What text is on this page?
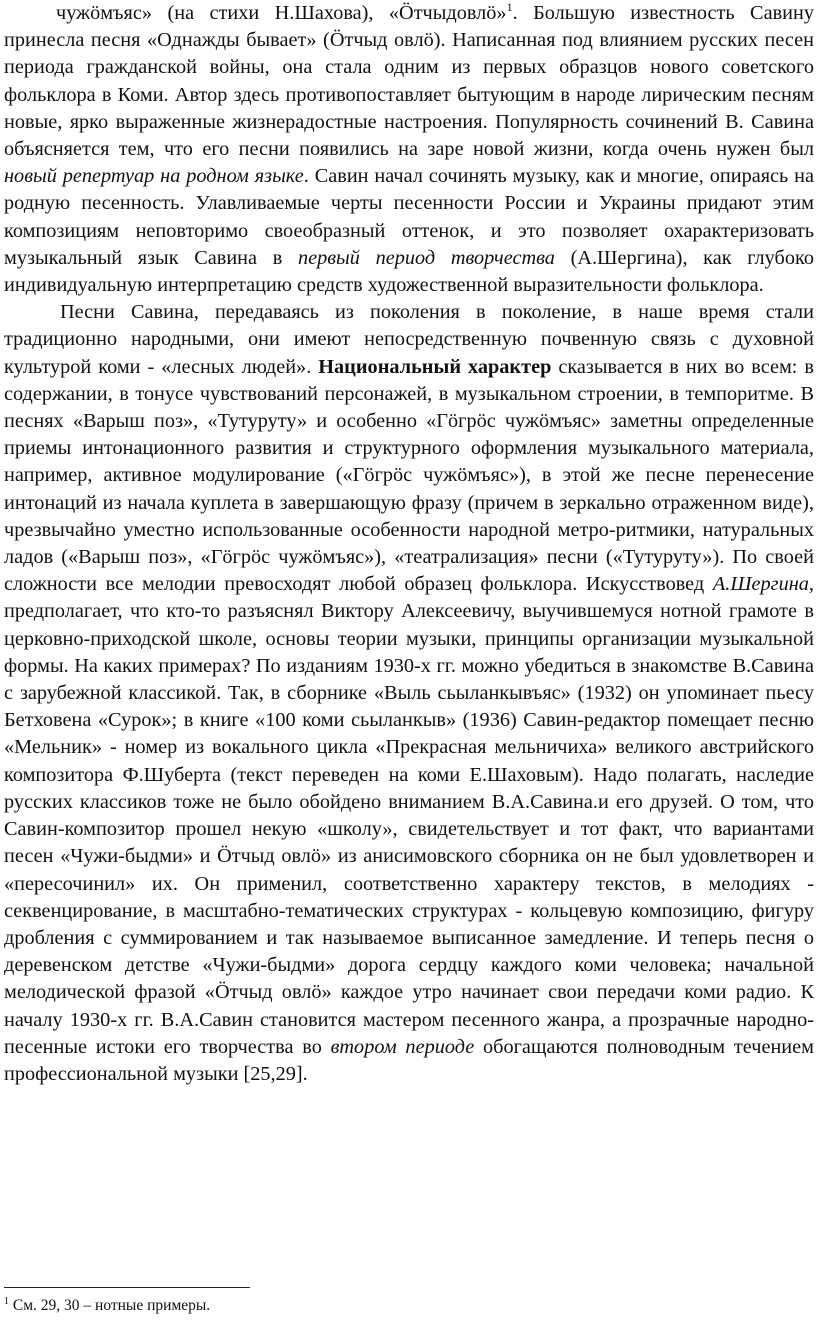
чужӧмъяс» (на стихи Н.Шахова), «Ӧтчыдовлӧ»$^1$. Большую известность Савину принесла песня «Однажды бывает» (Ӧтчыд овлӧ). Написанная под влиянием русских песен периода гражданской войны, она стала одним из первых образцов нового советского фольклора в Коми. Автор здесь противопоставляет бытующим в народе лирическим песням новые, ярко выраженные жизнерадостные настроения. Популярность сочинений В. Савина объясняется тем, что его песни появились на заре новой жизни, когда очень нужен был новый репертуар на родном языке. Савин начал сочинять музыку, как и многие, опираясь на родную песенность. Улавливаемые черты песенности России и Украины придают этим композициям неповторимо своеобразный оттенок, и это позволяет охарактеризовать музыкальный язык Савина в первый период творчества (А.Шергина), как глубоко индивидуальную интерпретацию средств художественной выразительности фольклора.

Песни Савина, передаваясь из поколения в поколение, в наше время стали традиционно народными, они имеют непосредственную почвенную связь с духовной культурой коми - «лесных людей». Национальный характер сказывается в них во всем: в содержании, в тонусе чувствований персонажей, в музыкальном строении, в темпоритме. В песнях «Варыш поз», «Тутуруту» и особенно «Гӧгрӧс чужӧмъяс» заметны определенные приемы интонационного развития и структурного оформления музыкального материала, например, активное модулирование («Гӧгрӧс чужӧмъяс»), в этой же песне перенесение интонаций из начала куплета в завершающую фразу (причем в зеркально отраженном виде), чрезвычайно уместно использованные особенности народной метро-ритмики, натуральных ладов («Варыш поз», «Гӧгрӧс чужӧмъяс»), «театрализация» песни («Тутуруту»). По своей сложности все мелодии превосходят любой образец фольклора. Искусствовед А.Шергина, предполагает, что кто-то разъяснял Виктору Алексеевичу, выучившемуся нотной грамоте в церковно-приходской школе, основы теории музыки, принципы организации музыкальной формы. На каких примерах? По изданиям 1930-х гг. можно убедиться в знакомстве В.Савина с зарубежной классикой. Так, в сборнике «Выль сьыланкывъяс» (1932) он упоминает пьесу Бетховена «Сурок»; в книге «100 коми сьыланкыв» (1936) Савин-редактор помещает песню «Мельник» - номер из вокального цикла «Прекрасная мельничиха» великого австрийского композитора Ф.Шуберта (текст переведен на коми Е.Шаховым). Надо полагать, наследие русских классиков тоже не было обойдено вниманием В.А.Савина.и его друзей. О том, что Савин-композитор прошел некую «школу», свидетельствует и тот факт, что вариантами песен «Чужи-быдми» и Ӧтчыд овлӧ» из анисимовского сборника он не был удовлетворен и «пересочинил» их. Он применил, соответственно характеру текстов, в мелодиях - секвенцирование, в масштабно-тематических структурах - кольцевую композицию, фигуру дробления с суммированием и так называемое выписанное замедление. И теперь песня о деревенском детстве «Чужи-быдми» дорога сердцу каждого коми человека; начальной мелодической фразой «Ӧтчыд овлӧ» каждое утро начинает свои передачи коми радио. К началу 1930-х гг. В.А.Савин становится мастером песенного жанра, а прозрачные народно-песенные истоки его творчества во втором периоде обогащаются полноводным течением профессиональной музыки [25,29].

$^1$ См. 29, 30 – нотные примеры.
